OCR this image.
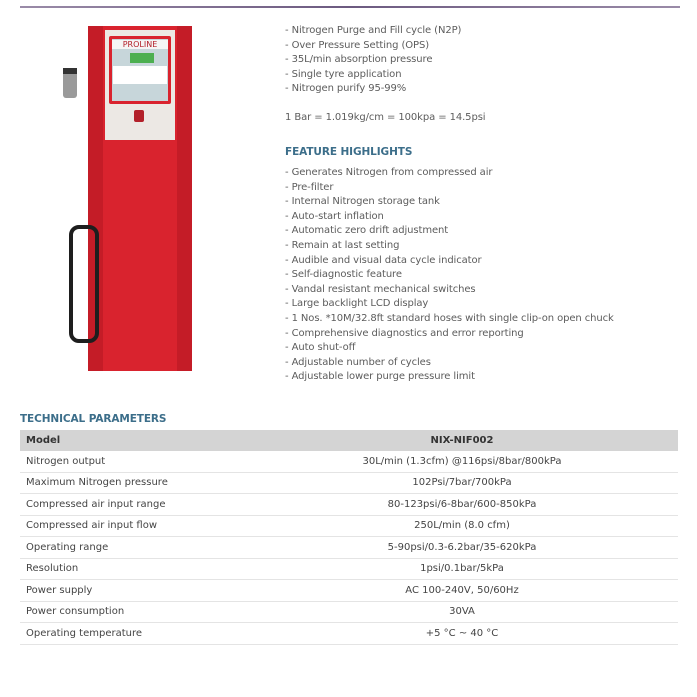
PROLINE
- Nitrogen Purge and Fill cycle (N2P)
- Over Pressure Setting (OPS)
- 35L/min absorption pressure
- Single tyre application
- Nitrogen purify 95-99%
1 Bar = 1.019kg/cm = 100kpa = 14.5psi
FEATURE HIGHLIGHTS
- Generates Nitrogen from compressed air
- Pre-filter
- Internal Nitrogen storage tank
- Auto-start inflation
- Automatic zero drift adjustment
- Remain at last setting
- Audible and visual data cycle indicator
- Self-diagnostic feature
- Vandal resistant mechanical switches
- Large backlight LCD display
- 1 Nos. *10M/32.8ft standard hoses with single clip-on open chuck
- Comprehensive diagnostics and error reporting
- Auto shut-off
- Adjustable number of cycles
- Adjustable lower purge pressure limit
TECHNICAL PARAMETERS
Model	NIX-NIF002
Nitrogen output	30L/min (1.3cfm) @116psi/8bar/800kPa
Maximum Nitrogen pressure	102Psi/7bar/700kPa
Compressed air input range	80-123psi/6-8bar/600-850kPa
Compressed air input flow	250L/min (8.0 cfm)
Operating range	5-90psi/0.3-6.2bar/35-620kPa
Resolution	1psi/0.1bar/5kPa
Power supply	AC 100-240V, 50/60Hz
Power consumption	30VA
Operating temperature	+5 °C ~ 40 °C
